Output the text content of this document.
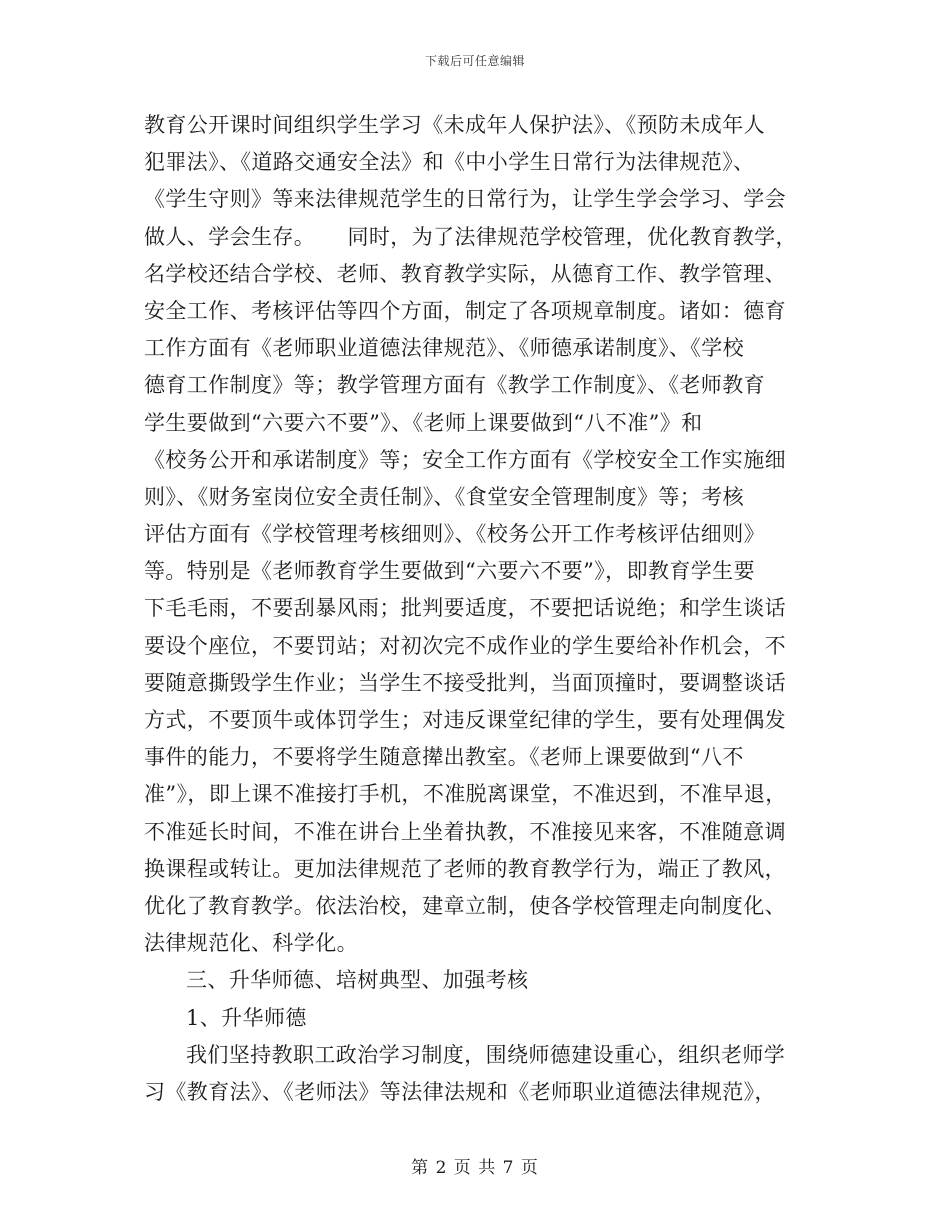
下载后可任意编辑
教育公开课时间组织学生学习《未成年人保护法》、《预防未成年人
犯罪法》、《道路交通安全法》和《中小学生日常行为法律规范》、
《学生守则》等来法律规范学生的日常行为，让学生学会学习、学会
做人、学会生存。　　同时，为了法律规范学校管理，优化教育教学，
名学校还结合学校、老师、教育教学实际，从德育工作、教学管理、
安全工作、考核评估等四个方面，制定了各项规章制度。诸如：德育
工作方面有《老师职业道德法律规范》、《师德承诺制度》、《学校
德育工作制度》等；教学管理方面有《教学工作制度》、《老师教育
学生要做到“六要六不要”》、《老师上课要做到“八不准”》和
《校务公开和承诺制度》等；安全工作方面有《学校安全工作实施细
则》、《财务室岗位安全责任制》、《食堂安全管理制度》等；考核
评估方面有《学校管理考核细则》、《校务公开工作考核评估细则》
等。特别是《老师教育学生要做到“六要六不要”》，即教育学生要
下毛毛雨，不要刮暴风雨；批判要适度，不要把话说绝；和学生谈话
要设个座位，不要罚站；对初次完不成作业的学生要给补作机会，不
要随意撕毁学生作业；当学生不接受批判，当面顶撞时，要调整谈话
方式，不要顶牛或体罚学生；对违反课堂纪律的学生，要有处理偶发
事件的能力，不要将学生随意撵出教室。《老师上课要做到“八不
准”》，即上课不准接打手机，不准脱离课堂，不准迟到，不准早退，
不准延长时间，不准在讲台上坐着执教，不准接见来客，不准随意调
换课程或转让。更加法律规范了老师的教育教学行为，端正了教风，
优化了教育教学。依法治校，建章立制，使各学校管理走向制度化、
法律规范化、科学化。
三、升华师德、培树典型、加强考核
1、升华师德
我们坚持教职工政治学习制度，围绕师德建设重心，组织老师学
习《教育法》、《老师法》等法律法规和《老师职业道德法律规范》，
第 2 页 共 7 页
